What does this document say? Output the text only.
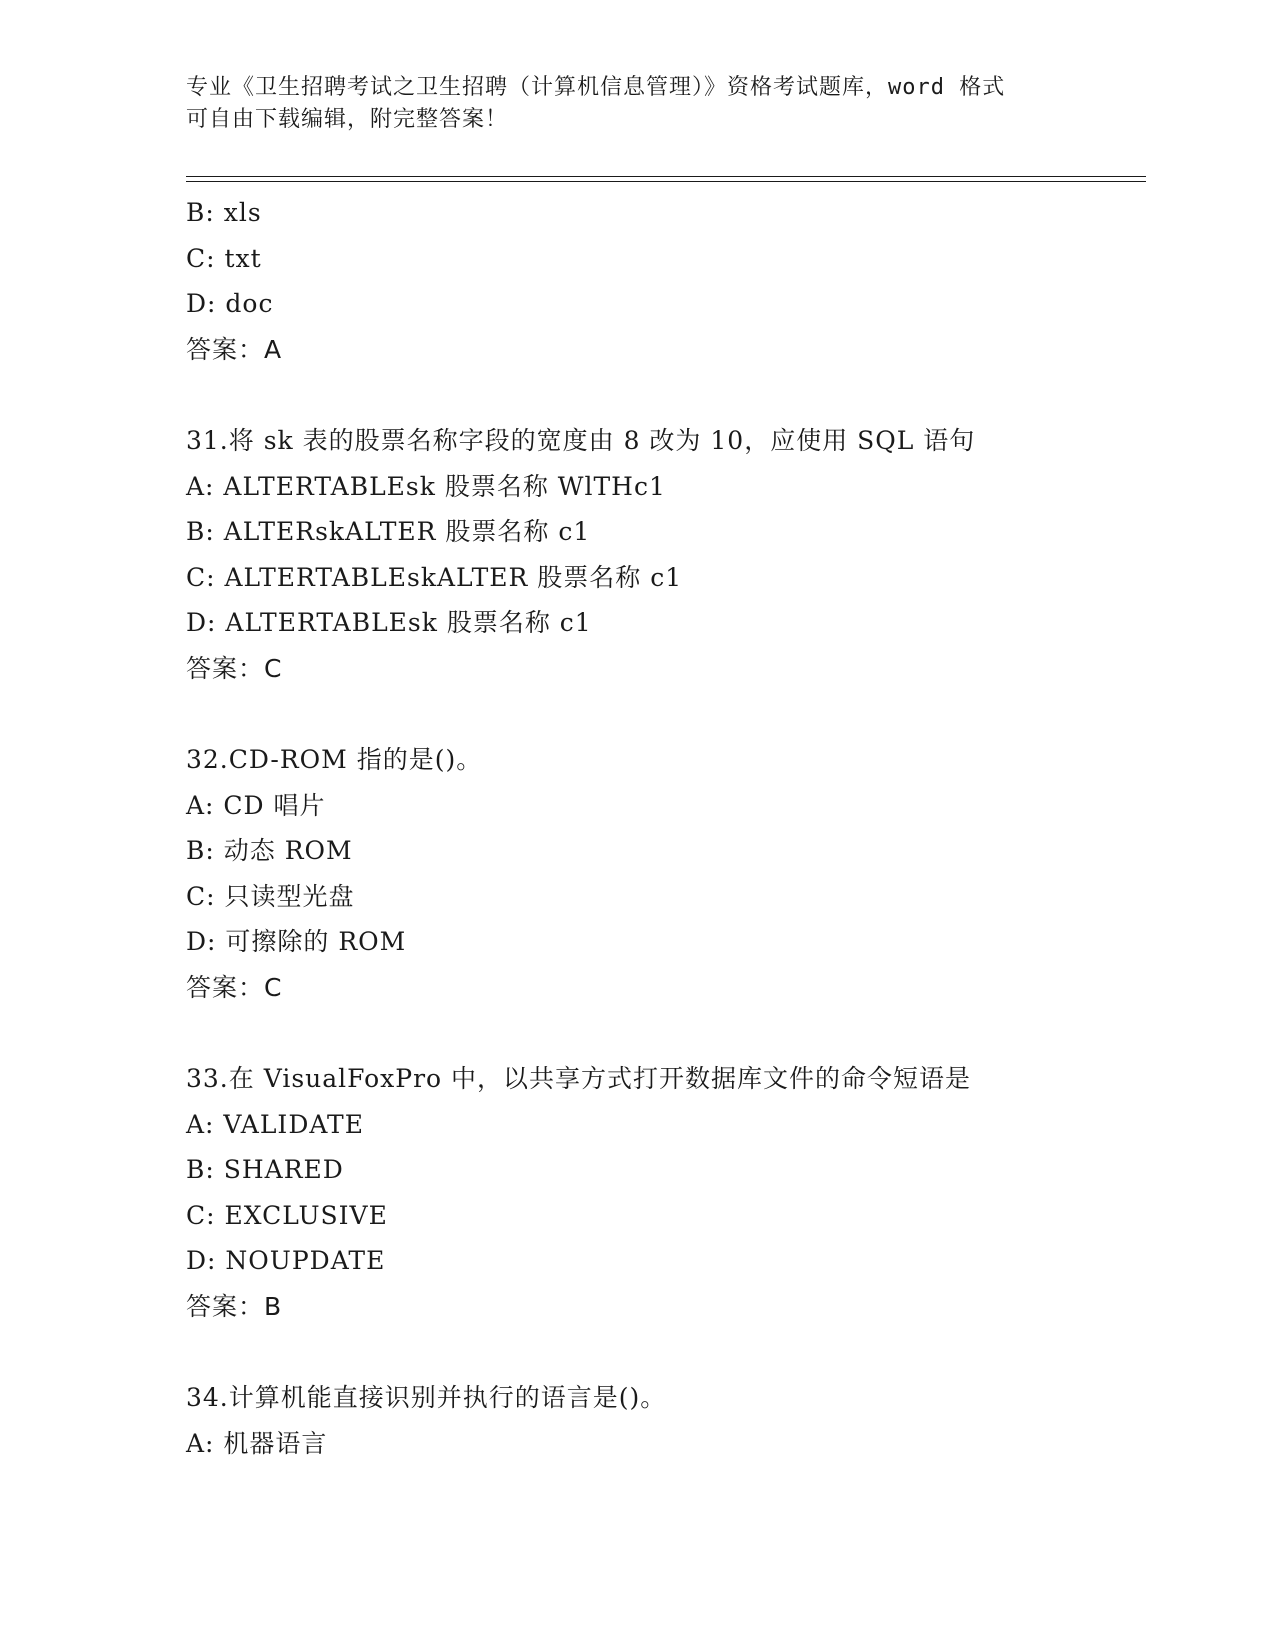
专业《卫生招聘考试之卫生招聘（计算机信息管理）》资格考试题库，word 格式
可自由下载编辑，附完整答案！
B: xls
C: txt
D: doc
答案：A
31.将 sk 表的股票名称字段的宽度由 8 改为 10，应使用 SQL 语句
A: ALTERTABLEsk 股票名称 WlTHc1
B: ALTERskALTER 股票名称 c1
C: ALTERTABLEskALTER 股票名称 c1
D: ALTERTABLEsk 股票名称 c1
答案：C
32.CD-ROM 指的是()。
A: CD 唱片
B: 动态 ROM
C: 只读型光盘
D: 可擦除的 ROM
答案：C
33.在 VisualFoxPro 中，以共享方式打开数据库文件的命令短语是
A: VALIDATE
B: SHARED
C: EXCLUSIVE
D: NOUPDATE
答案：B
34.计算机能直接识别并执行的语言是()。
A: 机器语言
